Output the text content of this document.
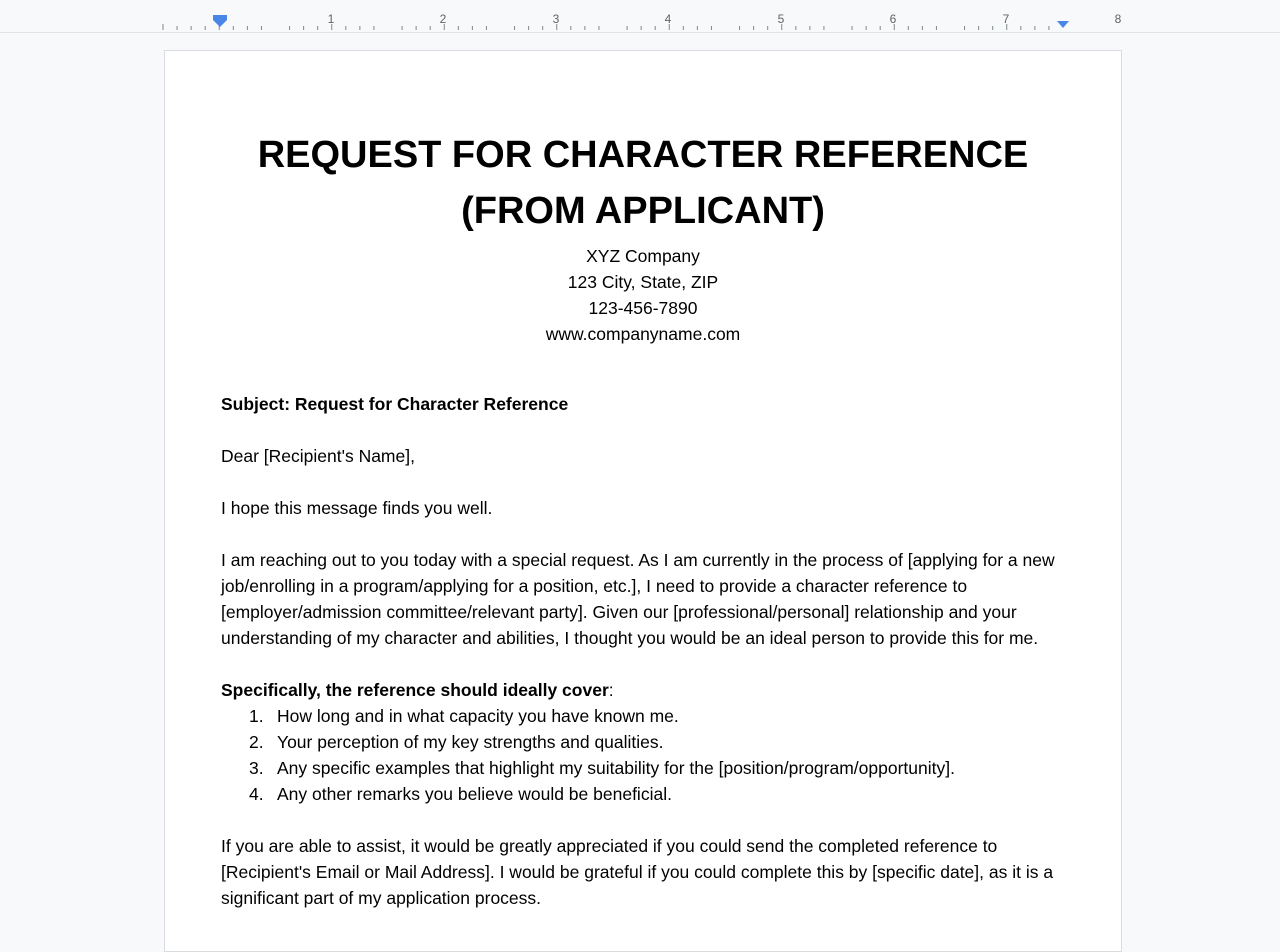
1	2	3	4	5	6	7	8
REQUEST FOR CHARACTER REFERENCE
(FROM APPLICANT)
XYZ Company
123 City, State, ZIP
123-456-7890
www.companyname.com

Subject: Request for Character Reference

Dear [Recipient's Name],

I hope this message finds you well.

I am reaching out to you today with a special request. As I am currently in the process of [applying for a new job/enrolling in a program/applying for a position, etc.], I need to provide a character reference to [employer/admission committee/relevant party]. Given our [professional/personal] relationship and your understanding of my character and abilities, I thought you would be an ideal person to provide this for me.

Specifically, the reference should ideally cover:

1. How long and in what capacity you have known me.
2. Your perception of my key strengths and qualities.
3. Any specific examples that highlight my suitability for the [position/program/opportunity].
4. Any other remarks you believe would be beneficial.

If you are able to assist, it would be greatly appreciated if you could send the completed reference to [Recipient's Email or Mail Address]. I would be grateful if you could complete this by [specific date], as it is a significant part of my application process.
